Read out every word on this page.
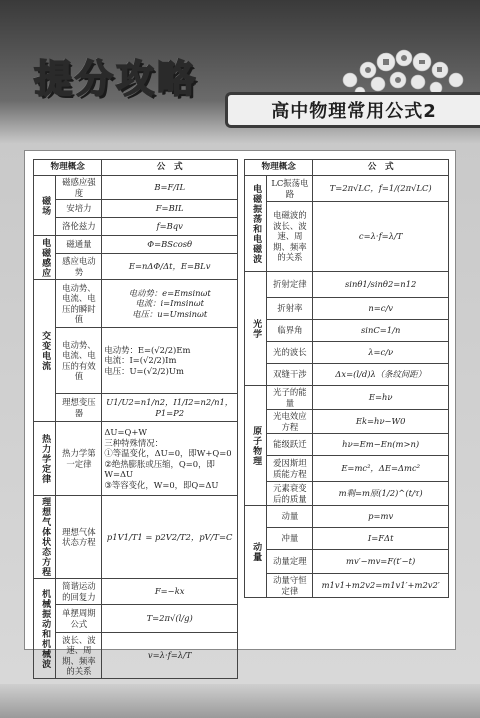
提分攻略
高中物理常用公式2
物理概念		公　式
磁场	磁感应强度	B=F/IL
	安培力	F=BIL
	洛伦兹力	f=Bqv
电磁感应	磁通量	Φ=BScosθ
	感应电动势	E=nΔΦ/Δt，E=BLv
交变电流	电动势、电流、电压的瞬时值	电动势：e=Emsinωt
电流：i=Imsinωt
电压：u=Umsinωt
	电动势、电流、电压的有效值	电动势：E=(√2/2)Em
电流：I=(√2/2)Im
电压：U=(√2/2)Um
	理想变压器	U1/U2=n1/n2，I1/I2=n2/n1，P1=P2
热力学定律	热力学第一定律	ΔU=Q+W
三种特殊情况：
①等温变化，ΔU=0，即W+Q=0
②绝热膨胀或压缩，Q=0，即W=ΔU
③等容变化，W=0，即Q=ΔU
理想气体状态方程	理想气体状态方程	p1V1/T1 = p2V2/T2，pV/T=C
机械振动和机械波	简谐运动的回复力	F=−kx
	单摆周期公式	T=2π√(l/g)
	波长、波速、周期、频率的关系	v=λ·f=λ/T
物理概念		公　式
电磁振荡和电磁波	LC振荡电路	T=2π√LC，f=1/(2π√LC)
	电磁波的波长、波速、周期、频率的关系	c=λ·f=λ/T
光学	折射定律	sinθ1/sinθ2=n12
	折射率	n=c/v
	临界角	sinC=1/n
	光的波长	λ=c/ν
	双缝干涉	Δx=(l/d)λ（条纹间距）
原子物理	光子的能量	E=hν
	光电效应方程	Ek=hν−W0
	能级跃迁	hν=Em−En(m>n)
	爱因斯坦质能方程	E=mc²，ΔE=Δmc²
	元素衰变后的质量	m剩=m原(1/2)^(t/τ)
动量	动量	p=mv
	冲量	I=FΔt
	动量定理	mv′−mv=F(t′−t)
	动量守恒定律	m1v1+m2v2=m1v1′+m2v2′
